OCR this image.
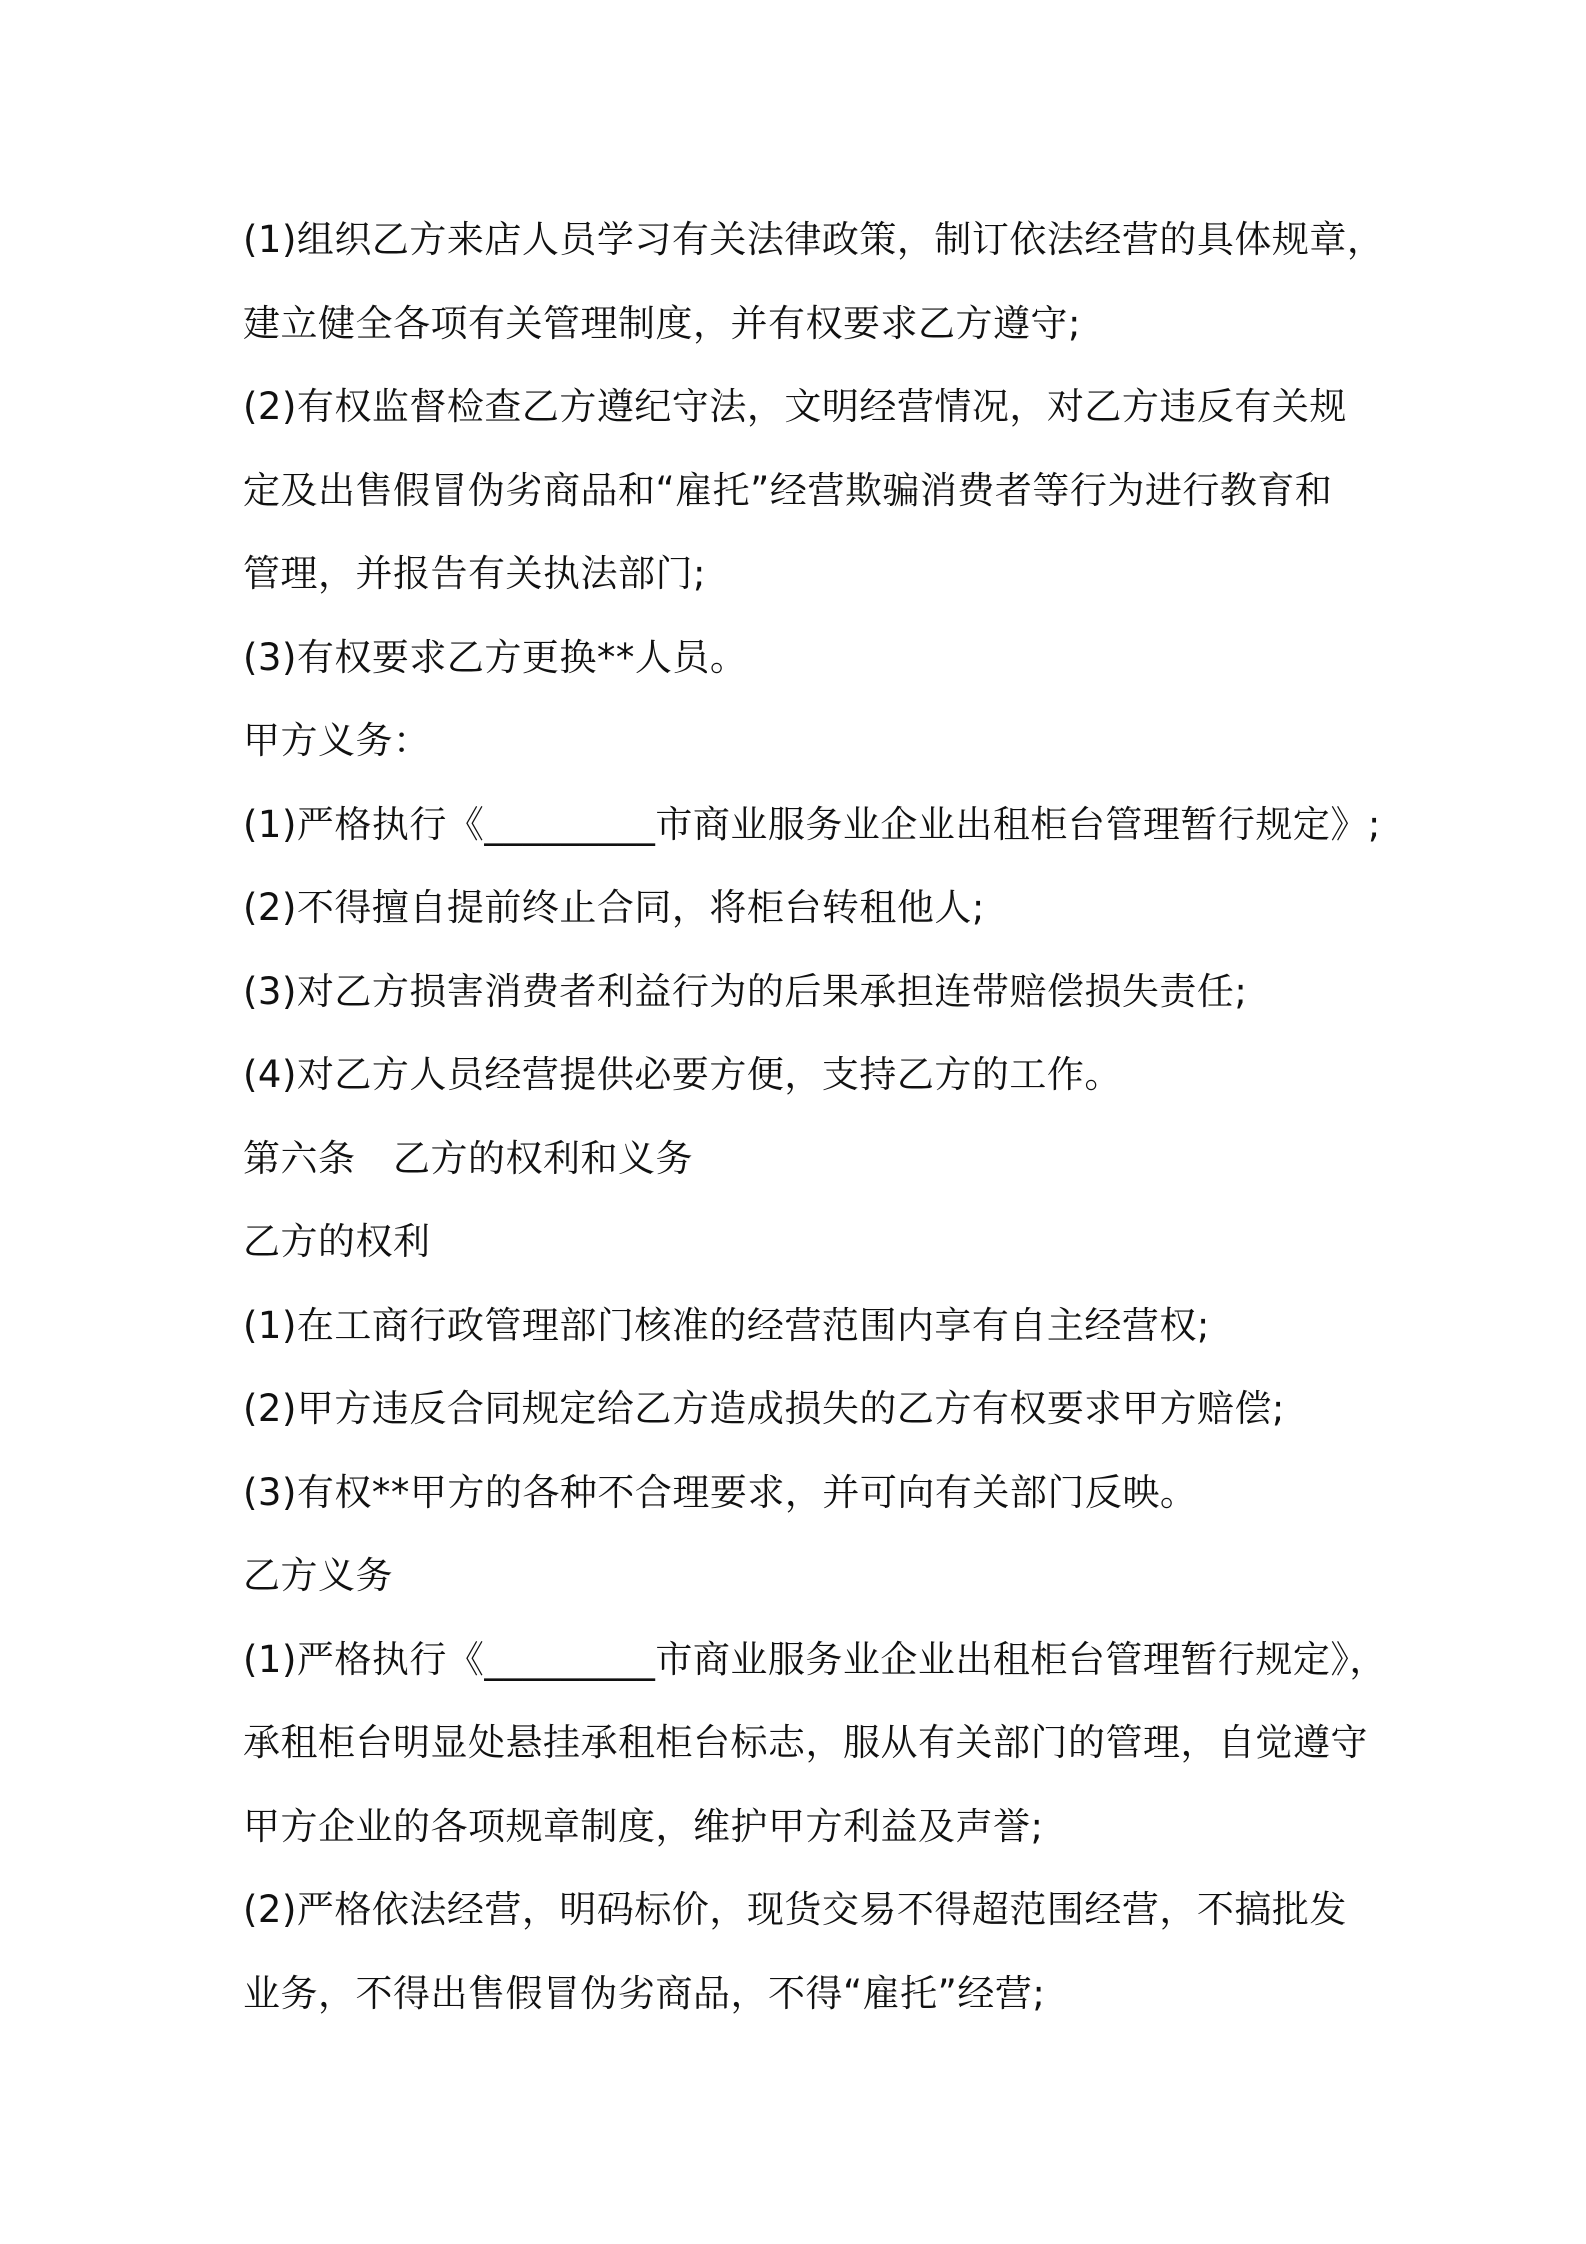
(1)组织乙方来店人员学习有关法律政策，制订依法经营的具体规章，
建立健全各项有关管理制度，并有权要求乙方遵守;
(2)有权监督检查乙方遵纪守法，文明经营情况，对乙方违反有关规
定及出售假冒伪劣商品和“雇托”经营欺骗消费者等行为进行教育和
管理，并报告有关执法部门;
(3)有权要求乙方更换**人员。
甲方义务：
(1)严格执行《_________市商业服务业企业出租柜台管理暂行规定》;
(2)不得擅自提前终止合同，将柜台转租他人;
(3)对乙方损害消费者利益行为的后果承担连带赔偿损失责任;
(4)对乙方人员经营提供必要方便，支持乙方的工作。
第六条　乙方的权利和义务
乙方的权利
(1)在工商行政管理部门核准的经营范围内享有自主经营权;
(2)甲方违反合同规定给乙方造成损失的乙方有权要求甲方赔偿;
(3)有权**甲方的各种不合理要求，并可向有关部门反映。
乙方义务
(1)严格执行《_________市商业服务业企业出租柜台管理暂行规定》，
承租柜台明显处悬挂承租柜台标志，服从有关部门的管理，自觉遵守
甲方企业的各项规章制度，维护甲方利益及声誉;
(2)严格依法经营，明码标价，现货交易不得超范围经营，不搞批发
业务，不得出售假冒伪劣商品，不得“雇托”经营;
